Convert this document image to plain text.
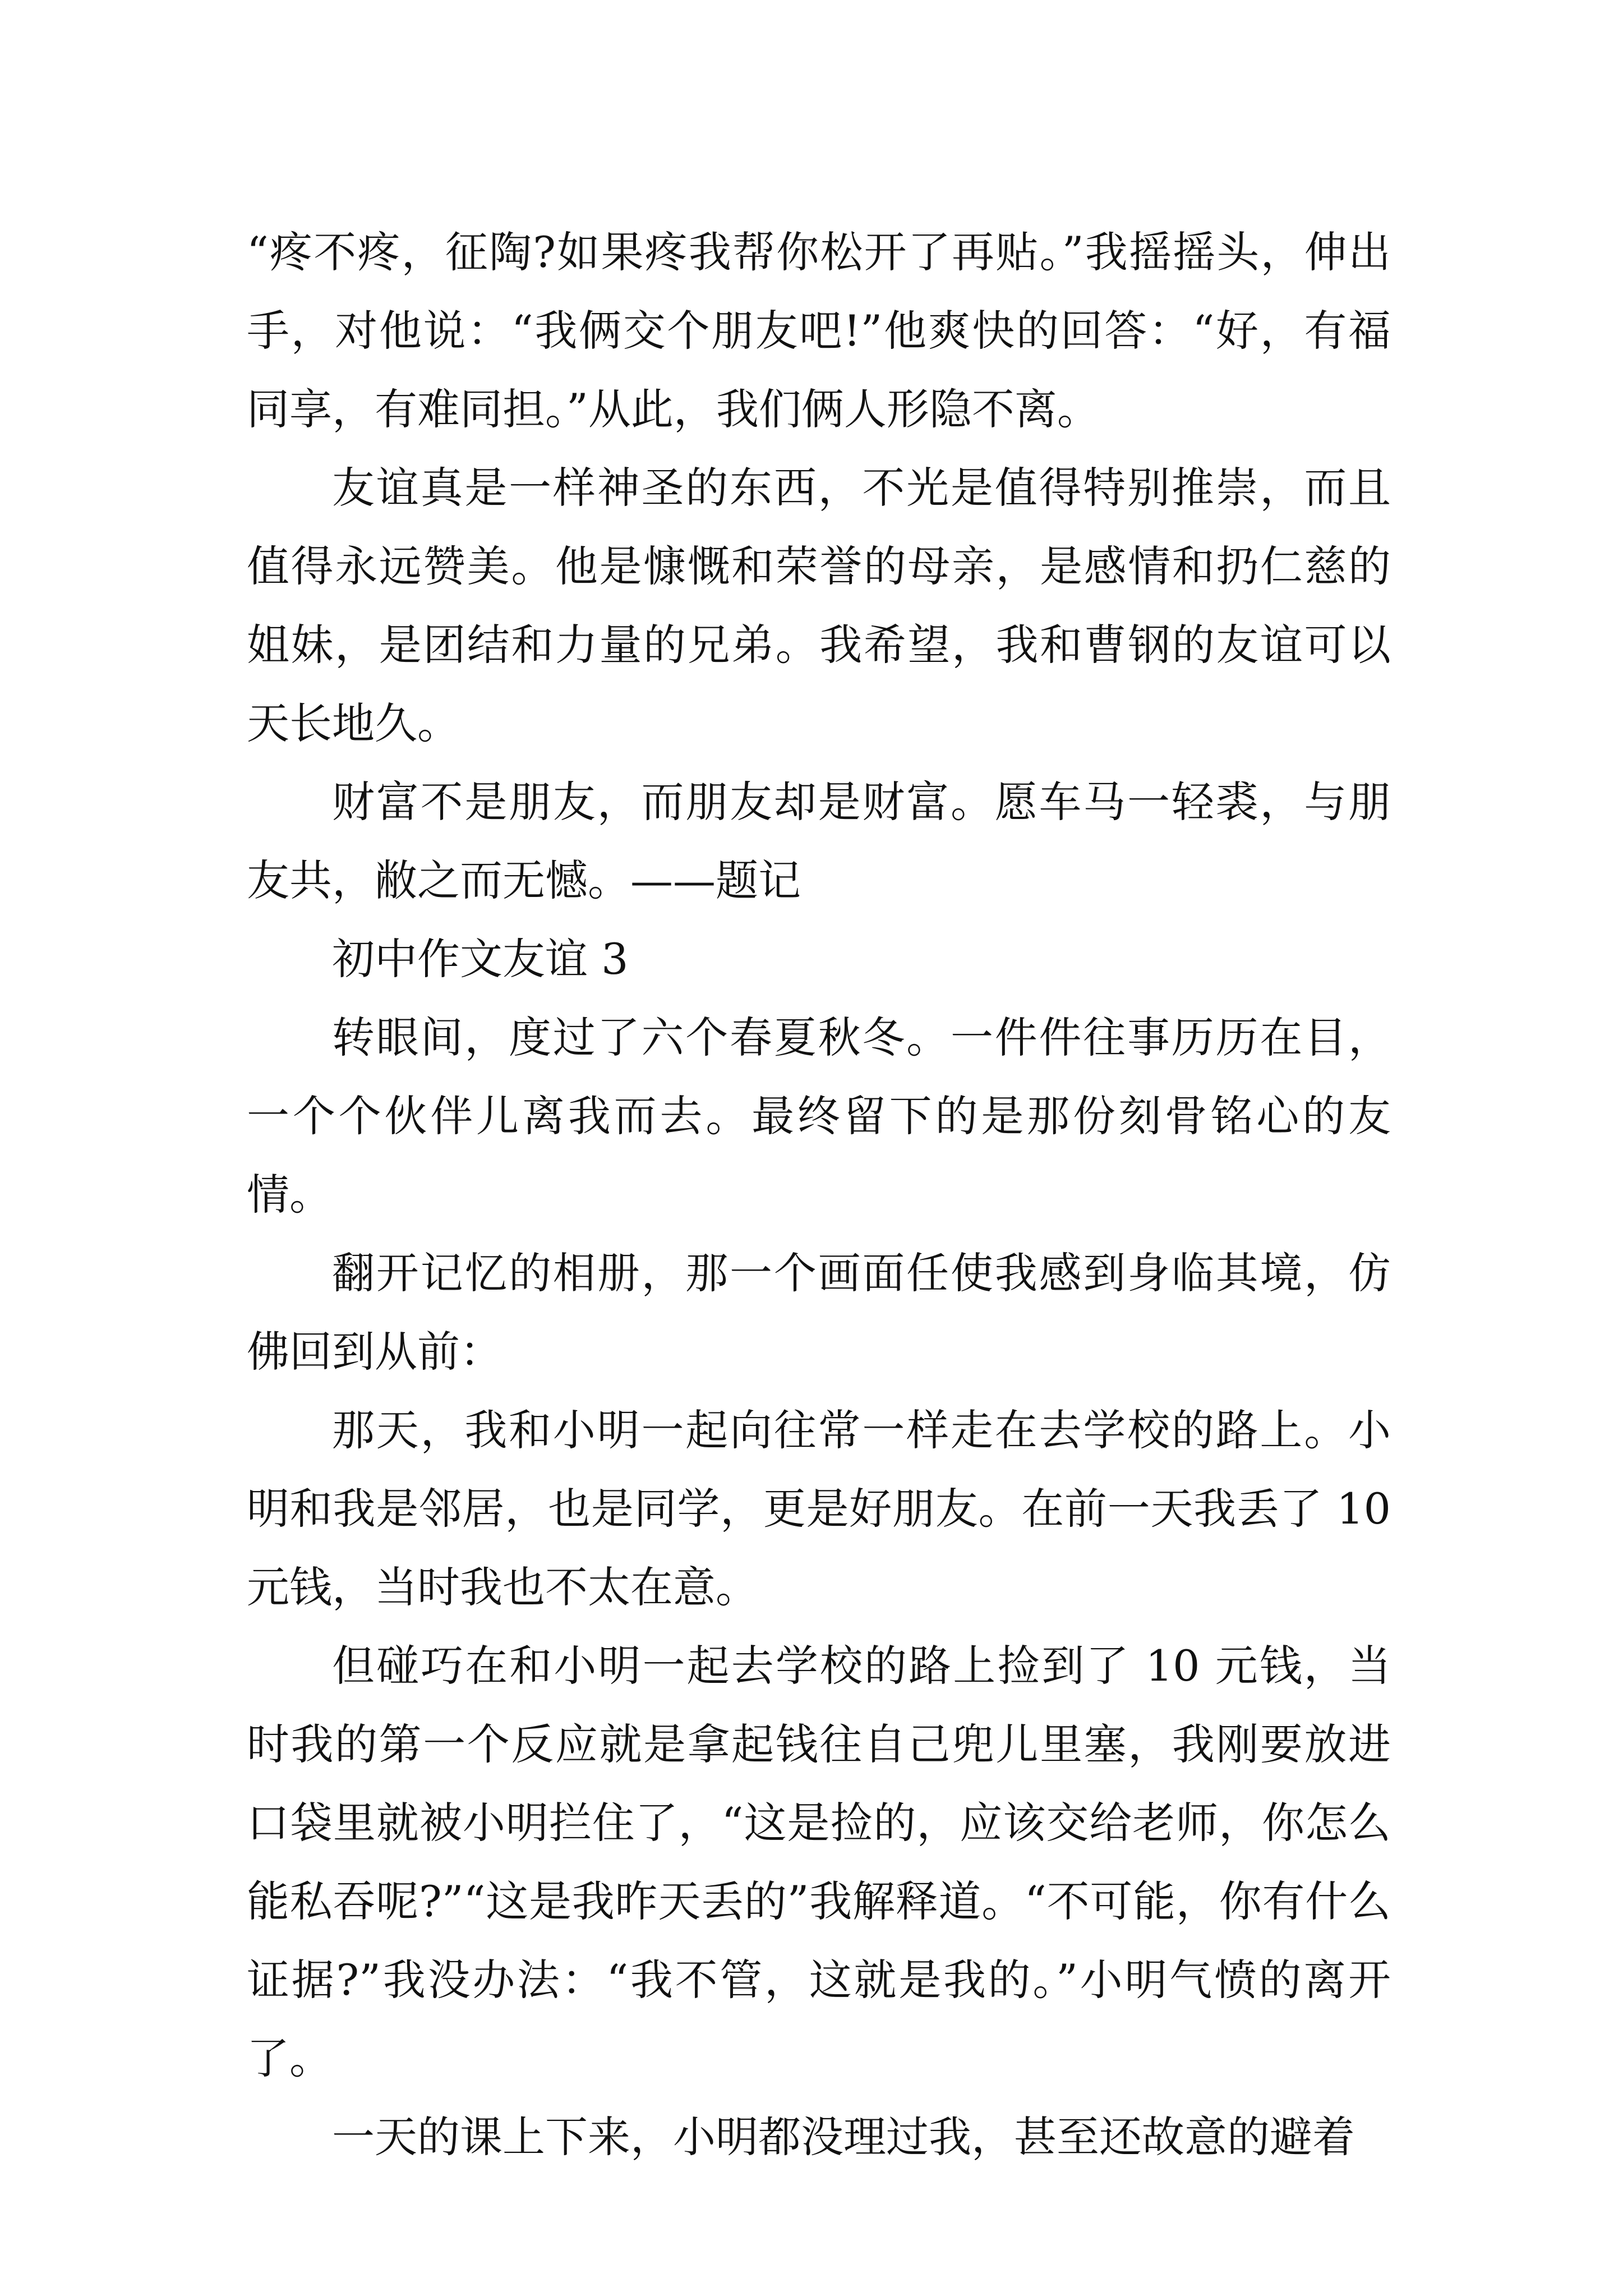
“疼不疼，征陶?如果疼我帮你松开了再贴。”我摇摇头，伸出手，对他说：“我俩交个朋友吧!”他爽快的回答：“好，有福同享，有难同担。”从此，我们俩人形隐不离。

友谊真是一样神圣的东西，不光是值得特别推崇，而且值得永远赞美。他是慷慨和荣誉的母亲，是感情和扔仁慈的姐妹，是团结和力量的兄弟。我希望，我和曹钢的友谊可以天长地久。

财富不是朋友，而朋友却是财富。愿车马一轻裘，与朋友共，敝之而无憾。——题记

初中作文友谊 3

转眼间，度过了六个春夏秋冬。一件件往事历历在目，一个个伙伴儿离我而去。最终留下的是那份刻骨铭心的友情。

翻开记忆的相册，那一个画面任使我感到身临其境，仿佛回到从前：

那天，我和小明一起向往常一样走在去学校的路上。小明和我是邻居，也是同学，更是好朋友。在前一天我丢了 10 元钱，当时我也不太在意。

但碰巧在和小明一起去学校的路上捡到了 10 元钱，当时我的第一个反应就是拿起钱往自己兜儿里塞，我刚要放进口袋里就被小明拦住了，“这是捡的，应该交给老师，你怎么能私吞呢?”“这是我昨天丢的”我解释道。“不可能，你有什么证据?”我没办法：“我不管，这就是我的。”小明气愤的离开了。

一天的课上下来，小明都没理过我，甚至还故意的避着
